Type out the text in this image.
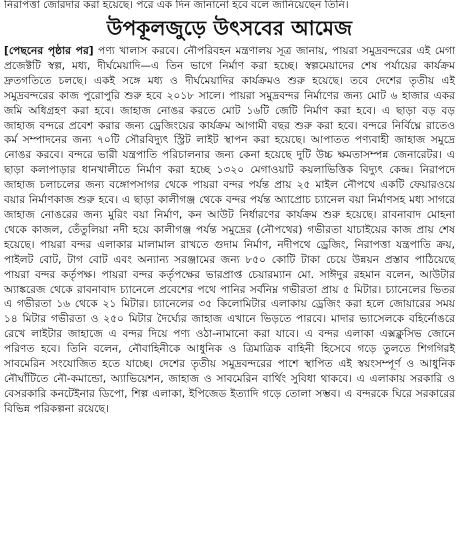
নিরাপত্তা জোরদার করা হয়েছে। পরে এক দিন জানানো হবে বলে জানিয়েছেন তিনি।
উপকূলজুড়ে উৎসবের আমেজ

[পেছনের পৃষ্ঠার পর] পণ্য খালাস করবে। নৌপরিবহন মন্ত্রণালয় সূত্র জানায়, পায়রা সমুদ্রবন্দরের এই মেগা প্রজেক্টটি স্বল্প, মধ্য, দীর্ঘমেয়াদি—এ তিন ভাগে নির্মাণ করা হচ্ছে। স্বল্পমেয়াদের শেষ পর্যায়ের কার্যক্রম দ্রুতগতিতে চলছে। একই সঙ্গে মধ্য ও দীর্ঘমেয়াদির কার্যক্রমও শুরু হয়েছে। তবে দেশের তৃতীয় এই সমুদ্রবন্দরের কাজ পুরোপুরি শুরু হবে ২০১৮ সালে। পায়রা সমুদ্রবন্দর নির্মাণের জন্য মোট ৬ হাজার একর জমি অধিগ্রহণ করা হবে। জাহাজ নোঙর করতে মোট ১৬টি জেটি নির্মাণ করা হবে। এ ছাড়া বড় বড় জাহাজ বন্দরে প্রবেশ করার জন্য ড্রেজিংয়ের কার্যক্রম আগামী বছর শুরু করা হবে। বন্দরে নির্বিঘ্নে রাতেও কর্ম সম্পাদনের জন্য ৭০টি সৌরবিদ্যুৎ স্ট্রিট লাইট স্থাপন করা হয়েছে। আপাতত পণ্যবাহী জাহাজ সমুদ্রে নোঙর করবে। বন্দরে ভারী যন্ত্রপাতি পরিচালনার জন্য কেনা হয়েছে দুটি উচ্চ ক্ষমতাসম্পন্ন জেনারেটর। এ ছাড়া কলাপাড়ার ধানখালীতে নির্মাণ করা হচ্ছে ১৩২০ মেগাওয়াট কয়লাভিত্তিক বিদ্যুৎ কেন্দ্র। নিরাপদে জাহাজ চলাচলের জন্য বঙ্গোপসাগর থেকে পায়রা বন্দর পর্যন্ত প্রায় ২৫ মাইল নৌপথে একটি ফেয়ারওয়ে বয়ার নির্মাণকাজ শুরু হবে। এ ছাড়া কালীগঞ্জ থেকে বন্দর পর্যন্ত অ্যাপ্রোচ চ্যানেল বয়া নির্মাণসহ মধ্য সাগরে জাহাজ নোঙরের জন্য মুরিং বয়া নির্মাণ, কন আউট নির্ধারণের কার্যক্রম শুরু হয়েছে। রাবনাবাদ মোহনা থেকে কাজল, তেঁতুলিয়া নদী হয়ে কালীগঞ্জ পর্যন্ত সমুদ্রের (নৌপথের) গভীরতা যাচাইয়ের কাজ প্রায় শেষ হয়েছে। পায়রা বন্দর এলাকার মালামাল রাখতে গুদাম নির্মাণ, নদীপথে ড্রেজিং, নিরাপত্তা যন্ত্রপাতি ক্রয়, পাইলট বোট, টাগ বোট এবং অন্যান্য সরঞ্জামের জন্য ৮৫০ কোটি টাকা চেয়ে উন্নয়ন প্রস্তাব পাঠিয়েছে পায়রা বন্দর কর্তৃপক্ষ। পায়রা বন্দর কর্তৃপক্ষের ভারপ্রাপ্ত চেয়ারম্যান মো. সাঈদুর রহমান বলেন, আউটার অ্যাঙ্করেজ থেকে রাবনাবাদ চ্যানেলে প্রবেশের পথে পানির সর্বনিম্ন গভীরতা প্রায় ৫ মিটার। চ্যানেলের ভিতর এ গভীরতা ১৬ থেকে ২১ মিটার। চ্যানেলের ৩৫ কিলোমিটার এলাকায় ড্রেজিং করা হলে জোয়ারের সময় ১৪ মিটার গভীরতা ও ২৫০ মিটার দৈর্ঘ্যের জাহাজ এখানে ভিড়তে পারবে। মাদার ভ্যাসেলকে বহির্নোঙরে রেখে লাইটার জাহাজে এ বন্দর দিয়ে পণ্য ওঠা-নামানো করা যাবে। এ বন্দর এলাকা এক্সক্লুসিভ জোনে পরিণত হবে। তিনি বলেন, নৌবাহিনীকে আধুনিক ও ত্রিমাত্রিক বাহিনী হিসেবে গড়ে তুলতে শিগগিরই সাবমেরিন সংযোজিত হতে যাচ্ছে। দেশের তৃতীয় সমুদ্রবন্দরের পাশে স্থাপিত এই স্বয়ংসম্পূর্ণ ও আধুনিক নৌঘাঁটিতে নৌ-কমান্ডো, অ্যাভিয়েশন, জাহাজ ও সাবমেরিন বার্থিং সুবিধা থাকবে। এ এলাকায় সরকারি ও বেসরকারি কনটেইনার ডিপো, শিল্প এলাকা, ইপিজেড ইত্যাদি গড়ে তোলা সম্ভব। এ বন্দরকে ঘিরে সরকারের বিভিন্ন পরিকল্পনা রয়েছে।
